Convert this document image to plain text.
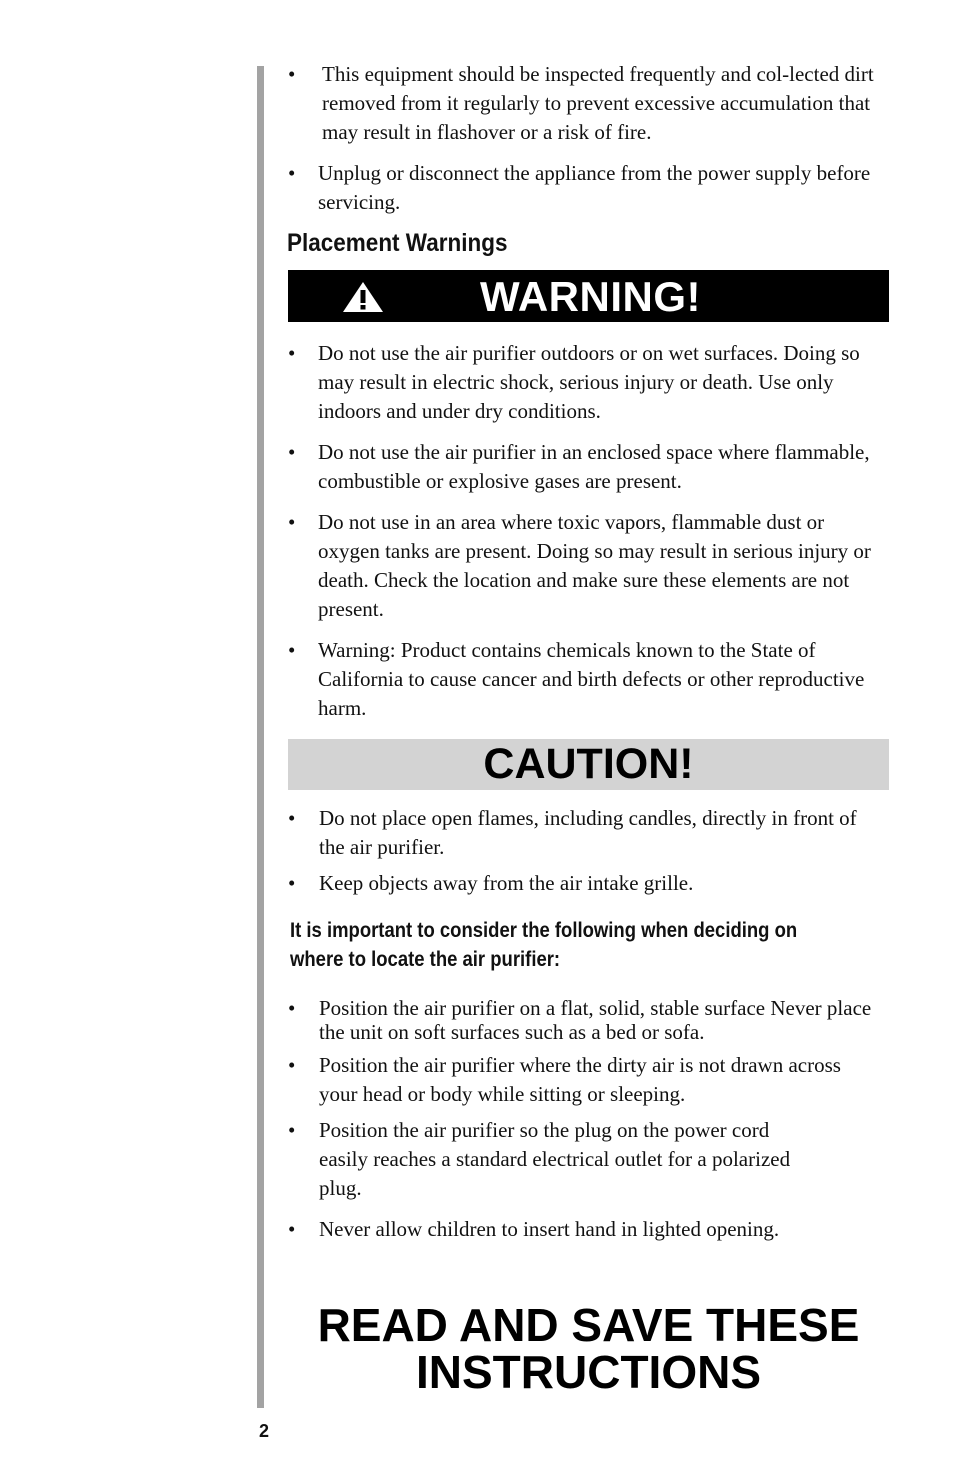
• This equipment should be inspected frequently and col-lected dirt removed from it regularly to prevent excessive accumulation that may result in flashover or a risk of fire.
• Unplug or disconnect the appliance from the power supply before servicing.
Placement Warnings
WARNING!
• Do not use the air purifier outdoors or on wet surfaces. Doing so may result in electric shock, serious injury or death. Use only indoors and under dry conditions.
• Do not use the air purifier in an enclosed space where flammable, combustible or explosive gases are present.
• Do not use in an area where toxic vapors, flammable dust or oxygen tanks are present. Doing so may result in serious injury or death. Check the location and make sure these elements are not present.
• Warning: Product contains chemicals known to the State of California to cause cancer and birth defects or other reproductive harm.
CAUTION!
• Do not place open flames, including candles, directly in front of the air purifier.
• Keep objects away from the air intake grille.
It is important to consider the following when deciding on where to locate the air purifier:
• Position the air purifier on a flat, solid, stable surface Never place the unit on soft surfaces such as a bed or sofa.
• Position the air purifier where the dirty air is not drawn across your head or body while sitting or sleeping.
• Position the air purifier so the plug on the power cord easily reaches a standard electrical outlet for a polarized plug.
• Never allow children to insert hand in lighted opening.
READ AND SAVE THESE INSTRUCTIONS
2
